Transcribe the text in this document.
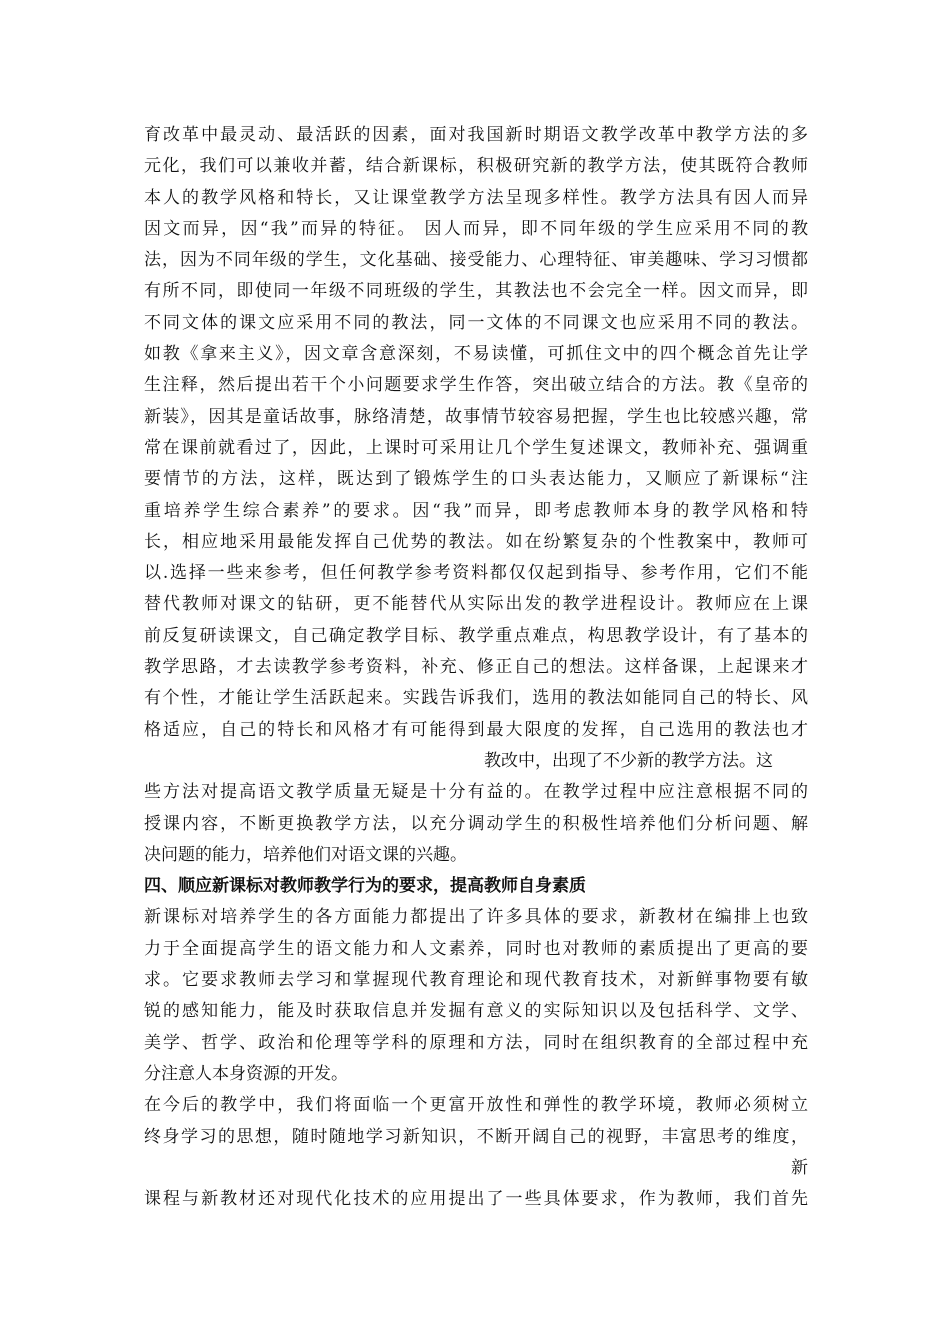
育改革中最灵动、最活跃的因素，面对我国新时期语文教学改革中教学方法的多
元化，我们可以兼收并蓄，结合新课标，积极研究新的教学方法，使其既符合教师
本人的教学风格和特长，又让课堂教学方法呈现多样性。教学方法具有因人而异
因文而异，因“我”而异的特征。 因人而异，即不同年级的学生应采用不同的教
法，因为不同年级的学生，文化基础、接受能力、心理特征、审美趣味、学习习惯都
有所不同，即使同一年级不同班级的学生，其教法也不会完全一样。因文而异，即
不同文体的课文应采用不同的教法，同一文体的不同课文也应采用不同的教法。
如教《拿来主义》，因文章含意深刻，不易读懂，可抓住文中的四个概念首先让学
生注释，然后提出若干个小问题要求学生作答，突出破立结合的方法。教《皇帝的
新装》，因其是童话故事，脉络清楚，故事情节较容易把握，学生也比较感兴趣，常
常在课前就看过了，因此，上课时可采用让几个学生复述课文，教师补充、强调重
要情节的方法，这样，既达到了锻炼学生的口头表达能力，又顺应了新课标“注
重培养学生综合素养”的要求。因“我”而异，即考虑教师本身的教学风格和特
长，相应地采用最能发挥自己优势的教法。如在纷繁复杂的个性教案中，教师可
以.选择一些来参考，但任何教学参考资料都仅仅起到指导、参考作用，它们不能
替代教师对课文的钻研，更不能替代从实际出发的教学进程设计。教师应在上课
前反复研读课文，自己确定教学目标、教学重点难点，构思教学设计，有了基本的
教学思路，才去读教学参考资料，补充、修正自己的想法。这样备课，上起课来才
有个性，才能让学生活跃起来。实践告诉我们，选用的教法如能同自己的特长、风
格适应，自己的特长和风格才有可能得到最大限度的发挥，自己选用的教法也才

教改中，出现了不少新的教学方法。这

些方法对提高语文教学质量无疑是十分有益的。在教学过程中应注意根据不同的
授课内容，不断更换教学方法，以充分调动学生的积极性培养他们分析问题、解
决问题的能力，培养他们对语文课的兴趣。
四、顺应新课标对教师教学行为的要求，提高教师自身素质
新课标对培养学生的各方面能力都提出了许多具体的要求，新教材在编排上也致
力于全面提高学生的语文能力和人文素养，同时也对教师的素质提出了更高的要
求。它要求教师去学习和掌握现代教育理论和现代教育技术，对新鲜事物要有敏
锐的感知能力，能及时获取信息并发掘有意义的实际知识以及包括科学、文学、
美学、哲学、政治和伦理等学科的原理和方法，同时在组织教育的全部过程中充
分注意人本身资源的开发。
在今后的教学中，我们将面临一个更富开放性和弹性的教学环境，教师必须树立
终身学习的思想，随时随地学习新知识，不断开阔自己的视野，丰富思考的维度，

新

课程与新教材还对现代化技术的应用提出了一些具体要求，作为教师，我们首先
